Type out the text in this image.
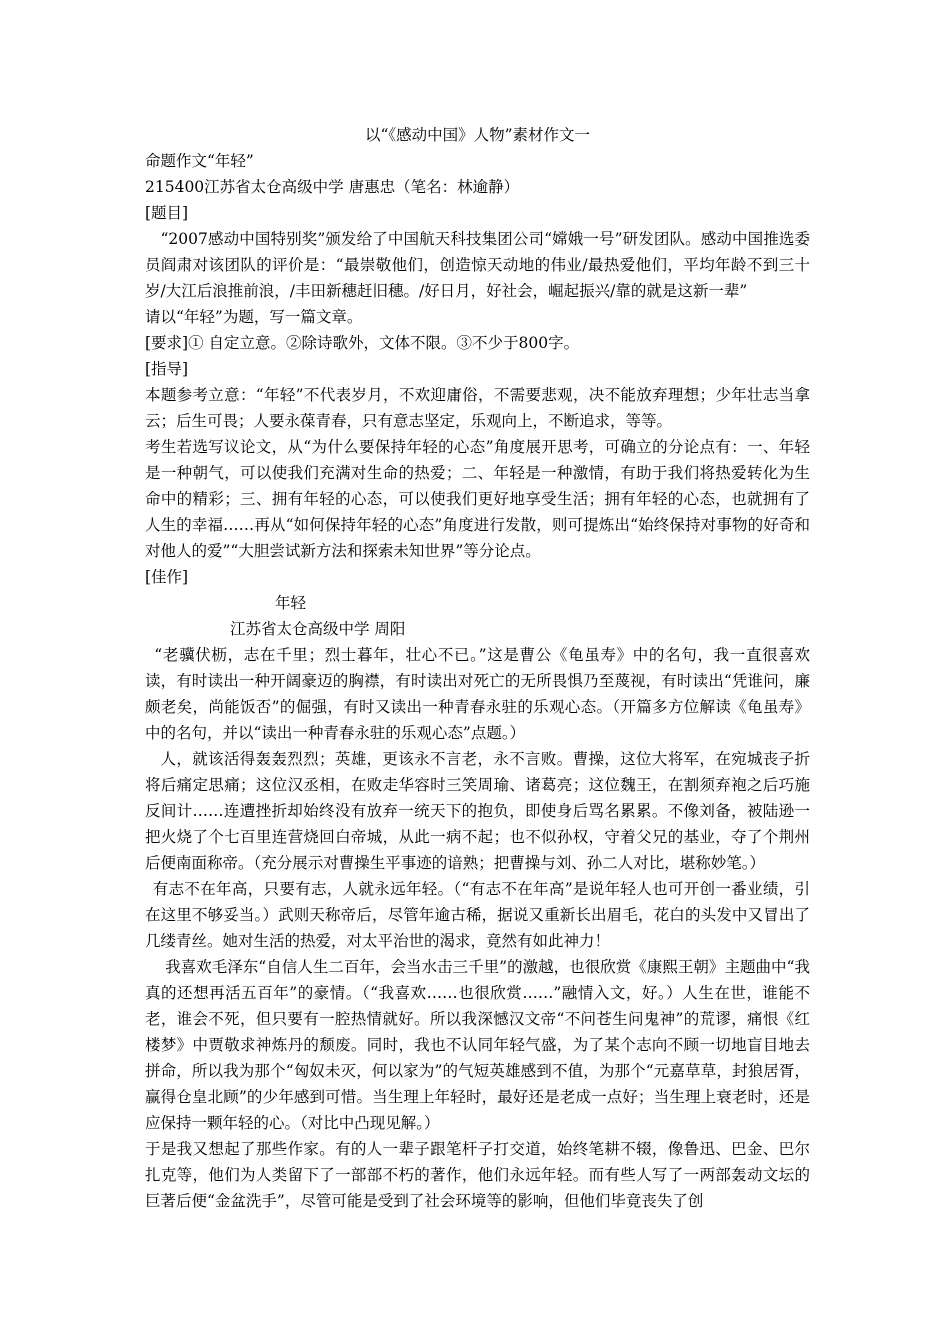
以“《感动中国》人物”素材作文一
命题作文“年轻”
215400江苏省太仓高级中学 唐惠忠（笔名：林逾静）
[题目]
“2007感动中国特别奖”颁发给了中国航天科技集团公司“嫦娥一号”研发团队。感动中国推选委员阎肃对该团队的评价是：“最崇敬他们，创造惊天动地的伟业/最热爱他们，平均年龄不到三十岁/大江后浪推前浪，/丰田新穗赶旧穗。/好日月，好社会，崛起振兴/靠的就是这新一辈”
请以“年轻”为题，写一篇文章。
[要求]① 自定立意。②除诗歌外，文体不限。③不少于800字。
[指导]
本题参考立意：“年轻”不代表岁月，不欢迎庸俗，不需要悲观，决不能放弃理想；少年壮志当拿云；后生可畏；人要永葆青春，只有意志坚定，乐观向上，不断追求，等等。
考生若选写议论文，从“为什么要保持年轻的心态”角度展开思考，可确立的分论点有：一、年轻是一种朝气，可以使我们充满对生命的热爱；二、年轻是一种激情，有助于我们将热爱转化为生命中的精彩；三、拥有年轻的心态，可以使我们更好地享受生活；拥有年轻的心态，也就拥有了人生的幸福……再从“如何保持年轻的心态”角度进行发散，则可提炼出“始终保持对事物的好奇和对他人的爱”“大胆尝试新方法和探索未知世界”等分论点。
[佳作]
年轻
江苏省太仓高级中学 周阳
“老骥伏枥，志在千里；烈士暮年，壮心不已。”这是曹公《龟虽寿》中的名句，我一直很喜欢读，有时读出一种开阔豪迈的胸襟，有时读出对死亡的无所畏惧乃至蔑视，有时读出“凭谁问，廉颇老矣，尚能饭否”的倔强，有时又读出一种青春永驻的乐观心态。（开篇多方位解读《龟虽寿》中的名句，并以“读出一种青春永驻的乐观心态”点题。）
人，就该活得轰轰烈烈；英雄，更该永不言老，永不言败。曹操，这位大将军，在宛城丧子折将后痛定思痛；这位汉丞相，在败走华容时三笑周瑜、诸葛亮；这位魏王，在割须弃袍之后巧施反间计……连遭挫折却始终没有放弃一统天下的抱负，即使身后骂名累累。不像刘备，被陆逊一把火烧了个七百里连营烧回白帝城，从此一病不起；也不似孙权，守着父兄的基业，夺了个荆州后便南面称帝。（充分展示对曹操生平事迹的谙熟；把曹操与刘、孙二人对比，堪称妙笔。）
有志不在年高，只要有志，人就永远年轻。（“有志不在年高”是说年轻人也可开创一番业绩，引在这里不够妥当。）武则天称帝后，尽管年逾古稀，据说又重新长出眉毛，花白的头发中又冒出了几缕青丝。她对生活的热爱，对太平治世的渴求，竟然有如此神力！
我喜欢毛泽东“自信人生二百年，会当水击三千里”的激越，也很欣赏《康熙王朝》主题曲中“我真的还想再活五百年”的豪情。（“我喜欢……也很欣赏……”融情入文，好。）人生在世，谁能不老，谁会不死，但只要有一腔热情就好。所以我深憾汉文帝“不问苍生问鬼神”的荒谬，痛恨《红楼梦》中贾敬求神炼丹的颓废。同时，我也不认同年轻气盛，为了某个志向不顾一切地盲目地去拼命，所以我为那个“匈奴未灭，何以家为”的气短英雄感到不值，为那个“元嘉草草，封狼居胥，赢得仓皇北顾”的少年感到可惜。当生理上年轻时，最好还是老成一点好；当生理上衰老时，还是应保持一颗年轻的心。（对比中凸现见解。）
于是我又想起了那些作家。有的人一辈子跟笔杆子打交道，始终笔耕不辍，像鲁迅、巴金、巴尔扎克等，他们为人类留下了一部部不朽的著作，他们永远年轻。而有些人写了一两部轰动文坛的巨著后便“金盆洗手”，尽管可能是受到了社会环境等的影响，但他们毕竟丧失了创
